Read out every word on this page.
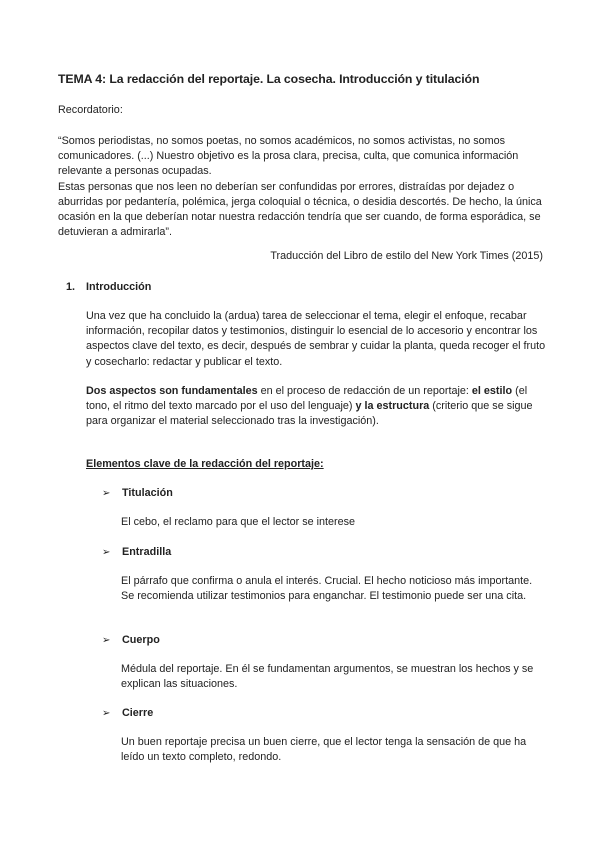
TEMA 4: La redacción del reportaje. La cosecha. Introducción y titulación
Recordatorio:

“Somos periodistas, no somos poetas, no somos académicos, no somos activistas, no somos comunicadores. (...) Nuestro objetivo es la prosa clara, precisa, culta, que comunica información relevante a personas ocupadas.

Estas personas que nos leen no deberían ser confundidas por errores, distraídas por dejadez o aburridas por pedantería, polémica, jerga coloquial o técnica, o desidia descortés. De hecho, la única ocasión en la que deberían notar nuestra redacción tendría que ser cuando, de forma esporádica, se detuvieran a admirarla”.

Traducción del Libro de estilo del New York Times (2015)
1. Introducción

Una vez que ha concluido la (ardua) tarea de seleccionar el tema, elegir el enfoque, recabar información, recopilar datos y testimonios, distinguir lo esencial de lo accesorio y encontrar los aspectos clave del texto, es decir, después de sembrar y cuidar la planta, queda recoger el fruto y cosecharlo: redactar y publicar el texto.

Dos aspectos son fundamentales en el proceso de redacción de un reportaje: el estilo (el tono, el ritmo del texto marcado por el uso del lenguaje) y la estructura (criterio que se sigue para organizar el material seleccionado tras la investigación).

Elementos clave de la redacción del reportaje:
➢ Titulación

El cebo, el reclamo para que el lector se interese

➢ Entradilla

El párrafo que confirma o anula el interés. Crucial. El hecho noticioso más importante. Se recomienda utilizar testimonios para enganchar. El testimonio puede ser una cita.

➢ Cuerpo

Médula del reportaje. En él se fundamentan argumentos, se muestran los hechos y se explican las situaciones.

➢ Cierre

Un buen reportaje precisa un buen cierre, que el lector tenga la sensación de que ha leído un texto completo, redondo.
